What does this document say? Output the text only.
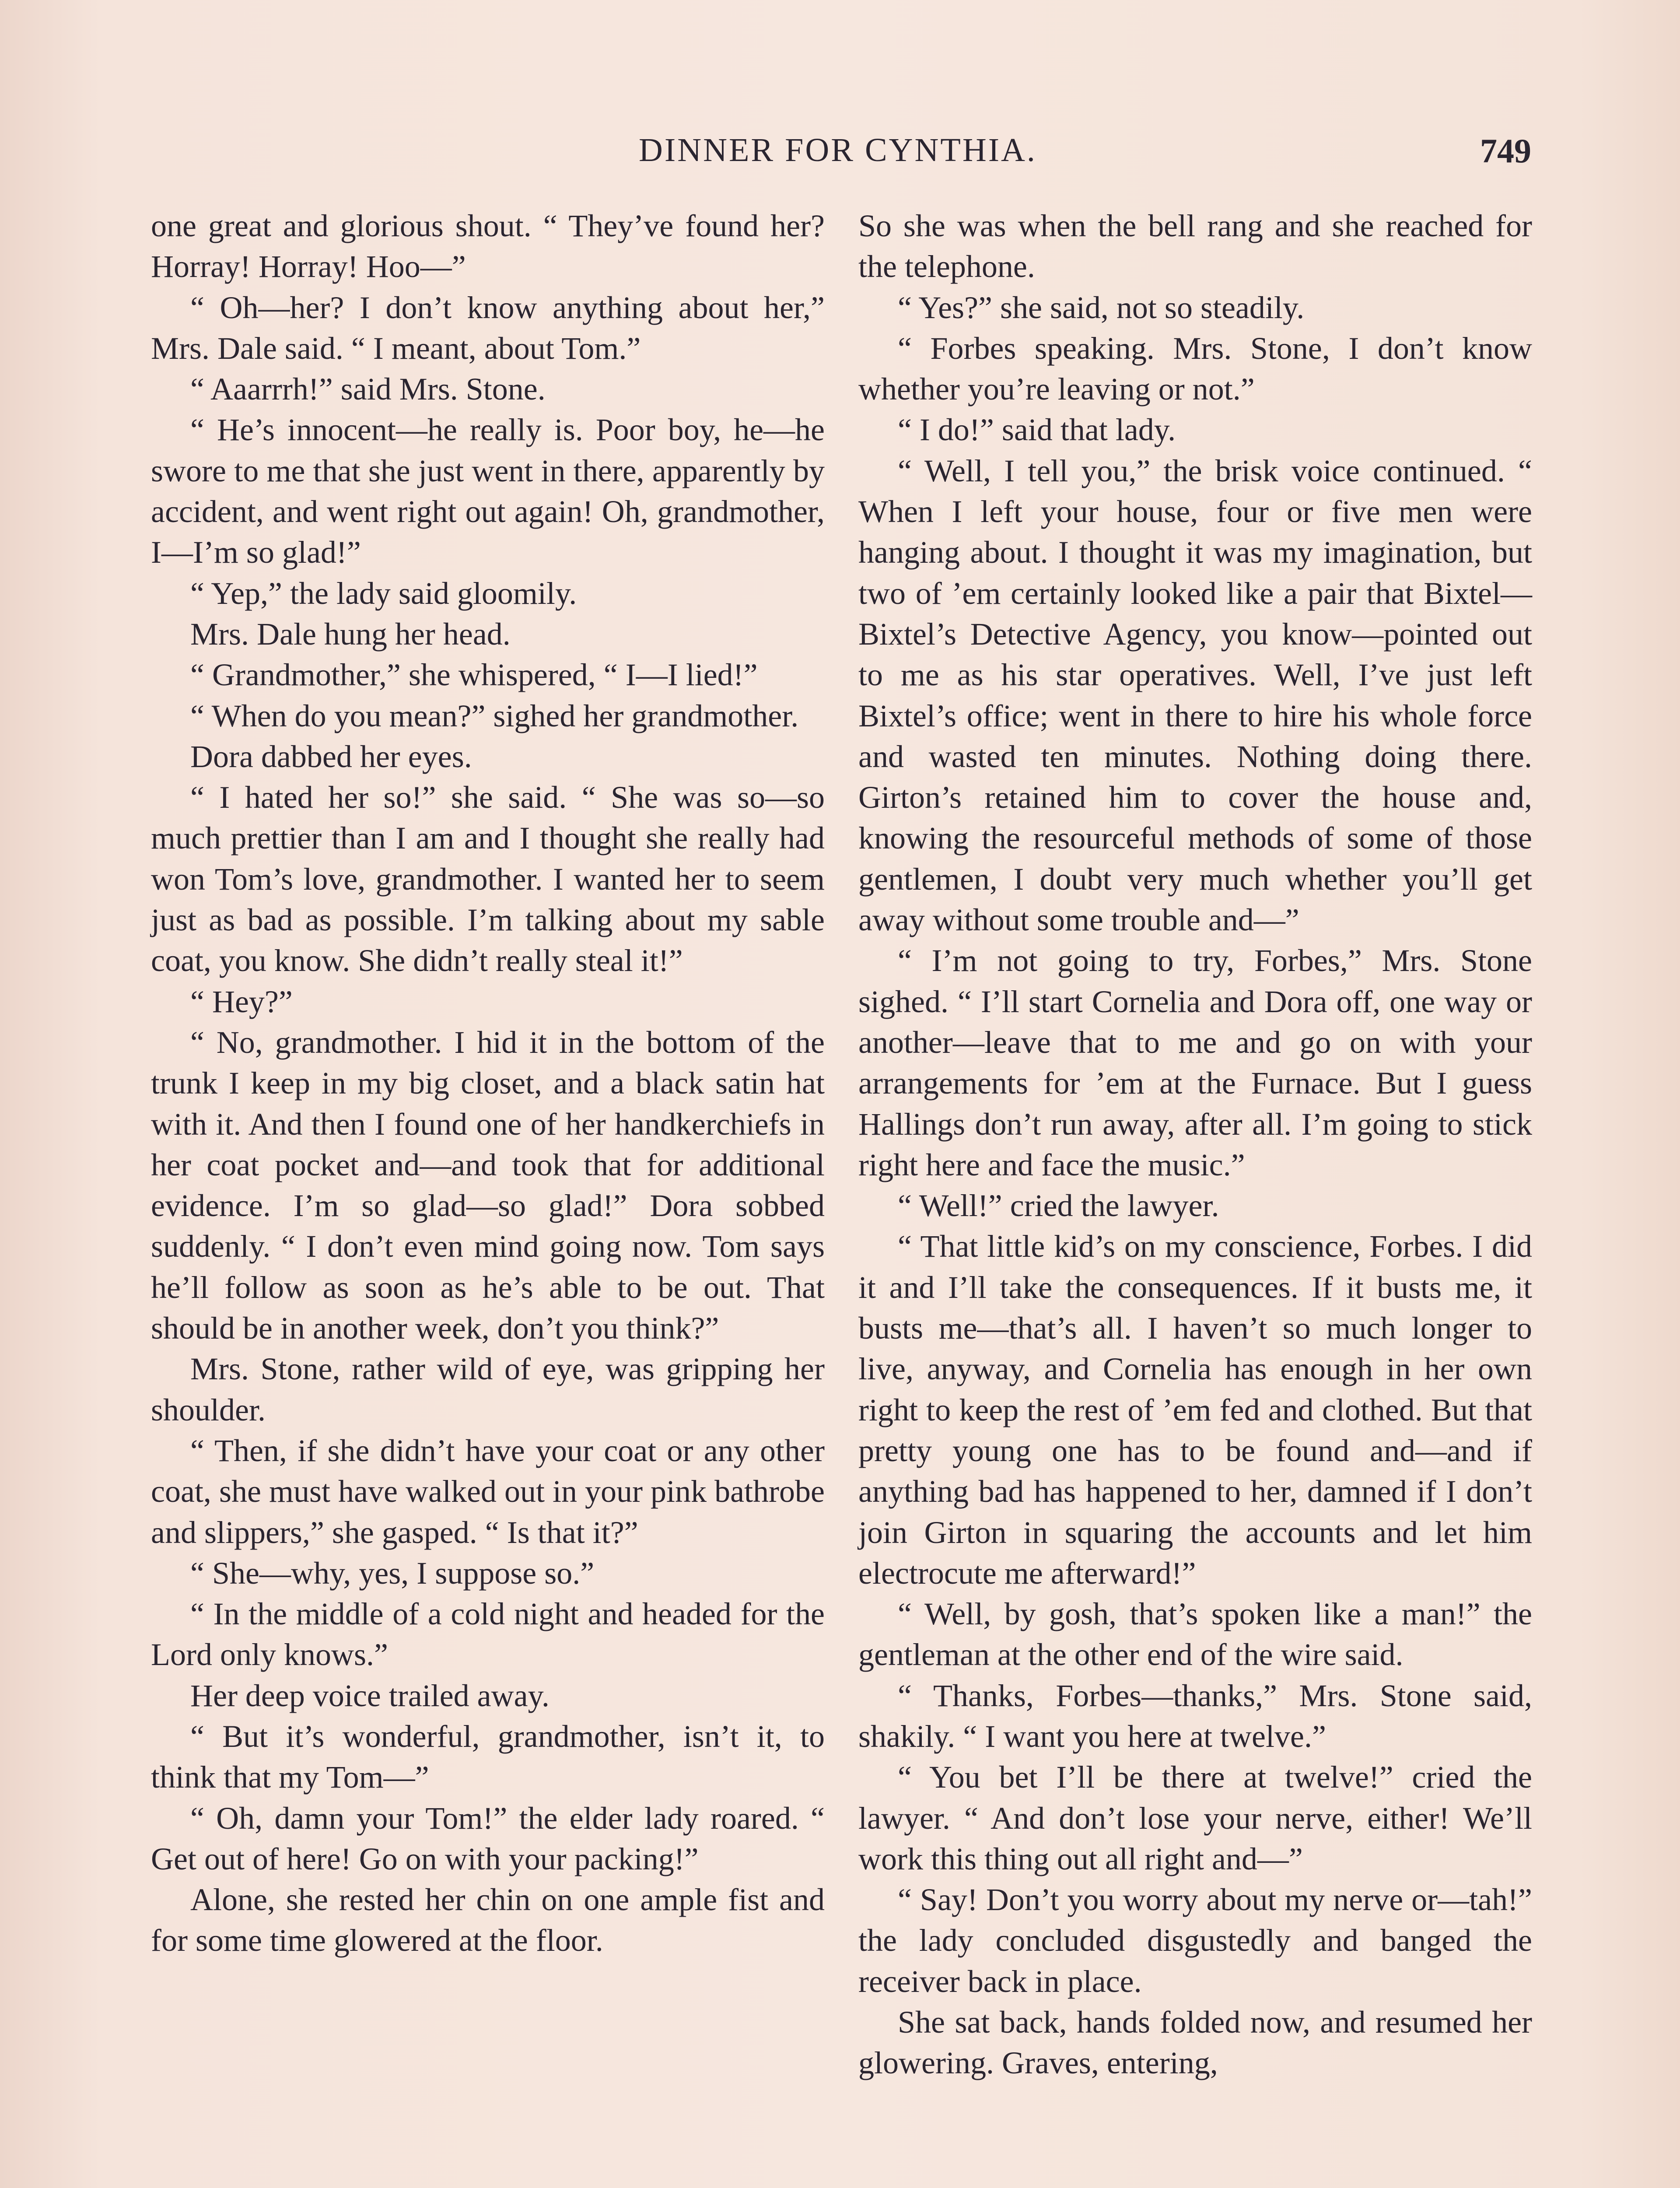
DINNER FOR CYNTHIA.	749

one great and glorious shout. “ They’ve found her? Horray! Horray! Hoo—”

“ Oh—her? I don’t know anything about her,” Mrs. Dale said. “ I meant, about Tom.”

“ Aaarrrh!” said Mrs. Stone.

“ He’s innocent—he really is. Poor boy, he—he swore to me that she just went in there, apparently by accident, and went right out again! Oh, grandmother, I—I’m so glad!”

“ Yep,” the lady said gloomily.

Mrs. Dale hung her head.

“ Grandmother,” she whispered, “ I—I lied!”

“ When do you mean?” sighed her grandmother.

Dora dabbed her eyes.

“ I hated her so!” she said. “ She was so—so much prettier than I am and I thought she really had won Tom’s love, grandmother. I wanted her to seem just as bad as possible. I’m talking about my sable coat, you know. She didn’t really steal it!”

“ Hey?”

“ No, grandmother. I hid it in the bottom of the trunk I keep in my big closet, and a black satin hat with it. And then I found one of her handkerchiefs in her coat pocket and—and took that for additional evidence. I’m so glad—so glad!” Dora sobbed suddenly. “ I don’t even mind going now. Tom says he’ll follow as soon as he’s able to be out. That should be in another week, don’t you think?”

Mrs. Stone, rather wild of eye, was gripping her shoulder.

“ Then, if she didn’t have your coat or any other coat, she must have walked out in your pink bathrobe and slippers,” she gasped. “ Is that it?”

“ She—why, yes, I suppose so.”

“ In the middle of a cold night and headed for the Lord only knows.”

Her deep voice trailed away.

“ But it’s wonderful, grandmother, isn’t it, to think that my Tom—”

“ Oh, damn your Tom!” the elder lady roared. “ Get out of here! Go on with your packing!”

Alone, she rested her chin on one ample fist and for some time glowered at the floor.

So she was when the bell rang and she reached for the telephone.

“ Yes?” she said, not so steadily.

“ Forbes speaking. Mrs. Stone, I don’t know whether you’re leaving or not.”

“ I do!” said that lady.

“ Well, I tell you,” the brisk voice continued. “ When I left your house, four or five men were hanging about. I thought it was my imagination, but two of ’em certainly looked like a pair that Bixtel—Bixtel’s Detective Agency, you know—pointed out to me as his star operatives. Well, I’ve just left Bixtel’s office; went in there to hire his whole force and wasted ten minutes. Nothing doing there. Girton’s retained him to cover the house and, knowing the resourceful methods of some of those gentlemen, I doubt very much whether you’ll get away without some trouble and—”

“ I’m not going to try, Forbes,” Mrs. Stone sighed. “ I’ll start Cornelia and Dora off, one way or another—leave that to me and go on with your arrangements for ’em at the Furnace. But I guess Hallings don’t run away, after all. I’m going to stick right here and face the music.”

“ Well!” cried the lawyer.

“ That little kid’s on my conscience, Forbes. I did it and I’ll take the consequences. If it busts me, it busts me—that’s all. I haven’t so much longer to live, anyway, and Cornelia has enough in her own right to keep the rest of ’em fed and clothed. But that pretty young one has to be found and—and if anything bad has happened to her, damned if I don’t join Girton in squaring the accounts and let him electrocute me afterward!”

“ Well, by gosh, that’s spoken like a man!” the gentleman at the other end of the wire said.

“ Thanks, Forbes—thanks,” Mrs. Stone said, shakily. “ I want you here at twelve.”

“ You bet I’ll be there at twelve!” cried the lawyer. “ And don’t lose your nerve, either! We’ll work this thing out all right and—”

“ Say! Don’t you worry about my nerve or—tah!” the lady concluded disgustedly and banged the receiver back in place.

She sat back, hands folded now, and resumed her glowering. Graves, entering,
